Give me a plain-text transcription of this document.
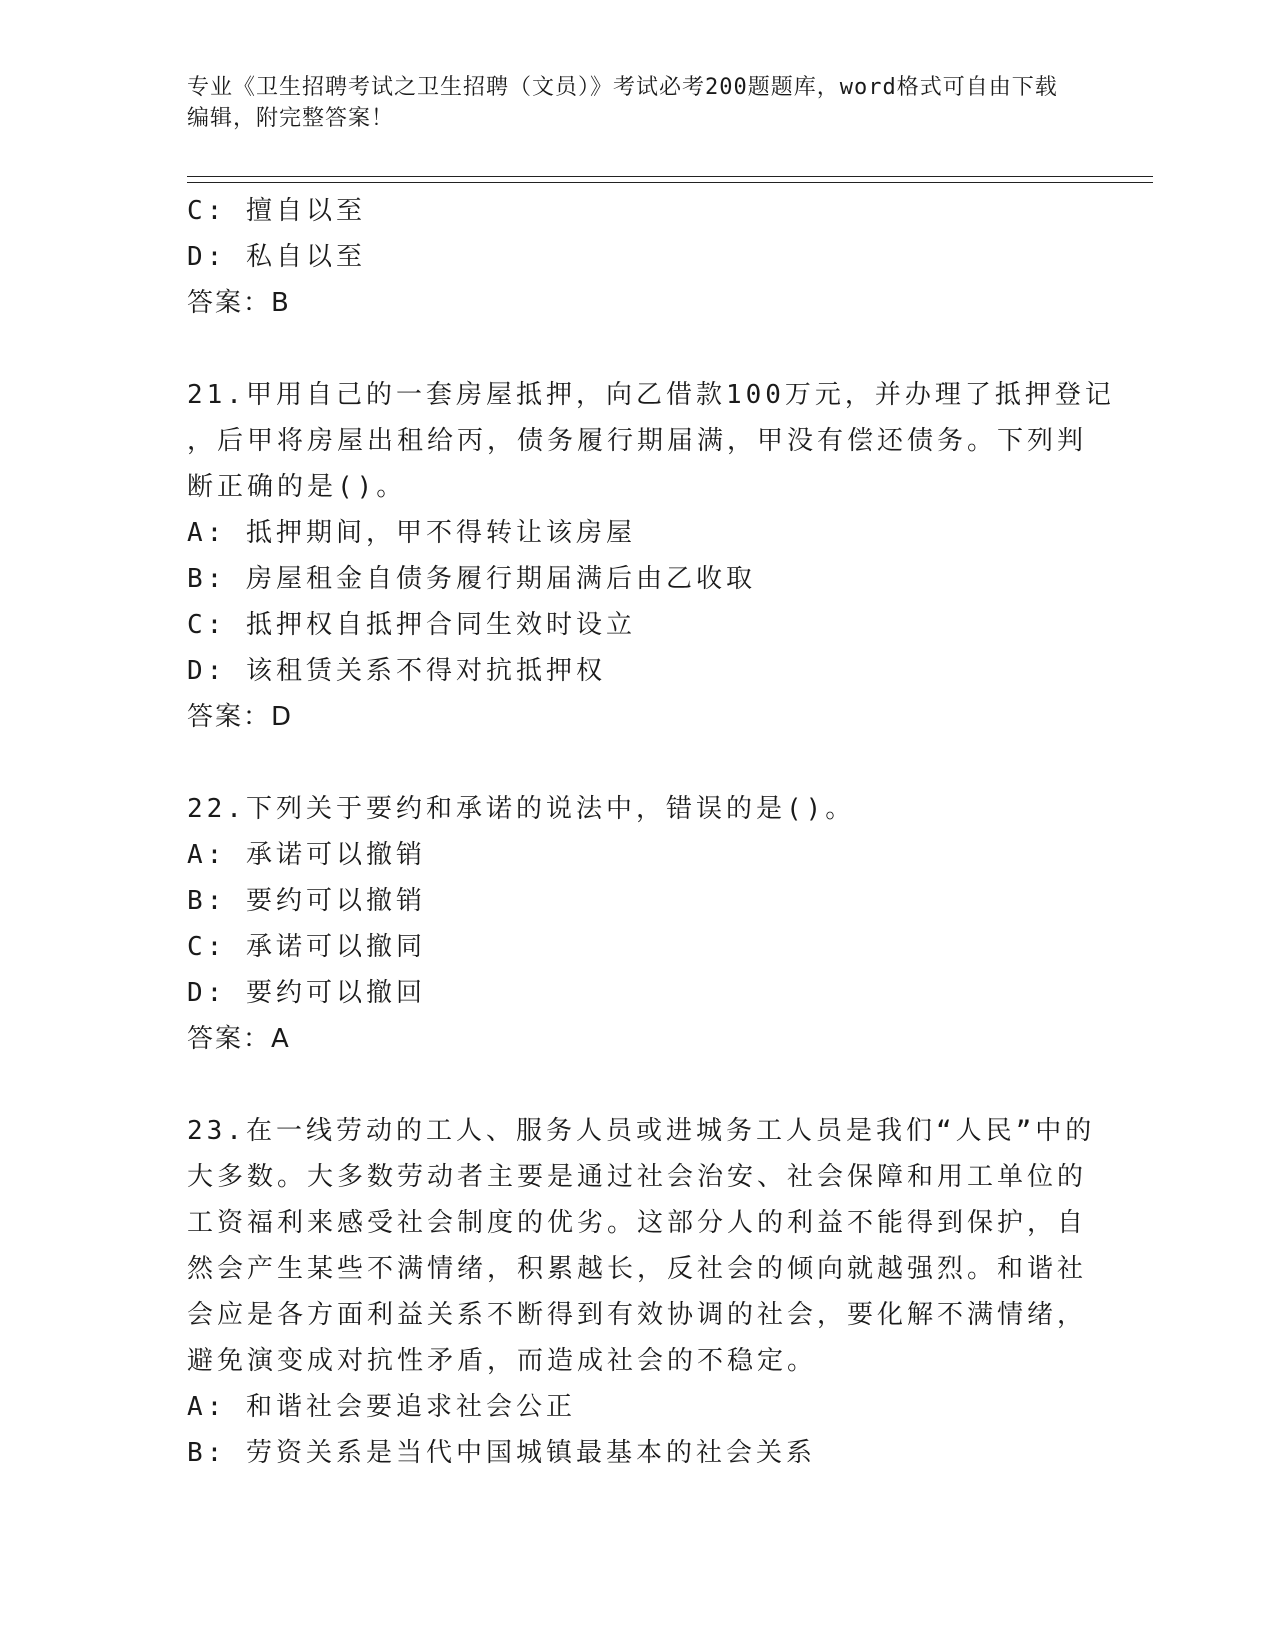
专业《卫生招聘考试之卫生招聘（文员）》考试必考200题题库，word格式可自由下载编辑，附完整答案！
C: 擅自以至
D: 私自以至
答案：B
21.甲用自己的一套房屋抵押，向乙借款100万元，并办理了抵押登记
，后甲将房屋出租给丙，债务履行期届满，甲没有偿还债务。下列判
断正确的是()。
A: 抵押期间，甲不得转让该房屋
B: 房屋租金自债务履行期届满后由乙收取
C: 抵押权自抵押合同生效时设立
D: 该租赁关系不得对抗抵押权
答案：D
22.下列关于要约和承诺的说法中，错误的是()。
A: 承诺可以撤销
B: 要约可以撤销
C: 承诺可以撤同
D: 要约可以撤回
答案：A
23.在一线劳动的工人、服务人员或进城务工人员是我们“人民”中的
大多数。大多数劳动者主要是通过社会治安、社会保障和用工单位的
工资福利来感受社会制度的优劣。这部分人的利益不能得到保护，自
然会产生某些不满情绪，积累越长，反社会的倾向就越强烈。和谐社
会应是各方面利益关系不断得到有效协调的社会，要化解不满情绪，
避免演变成对抗性矛盾，而造成社会的不稳定。
A: 和谐社会要追求社会公正
B: 劳资关系是当代中国城镇最基本的社会关系
